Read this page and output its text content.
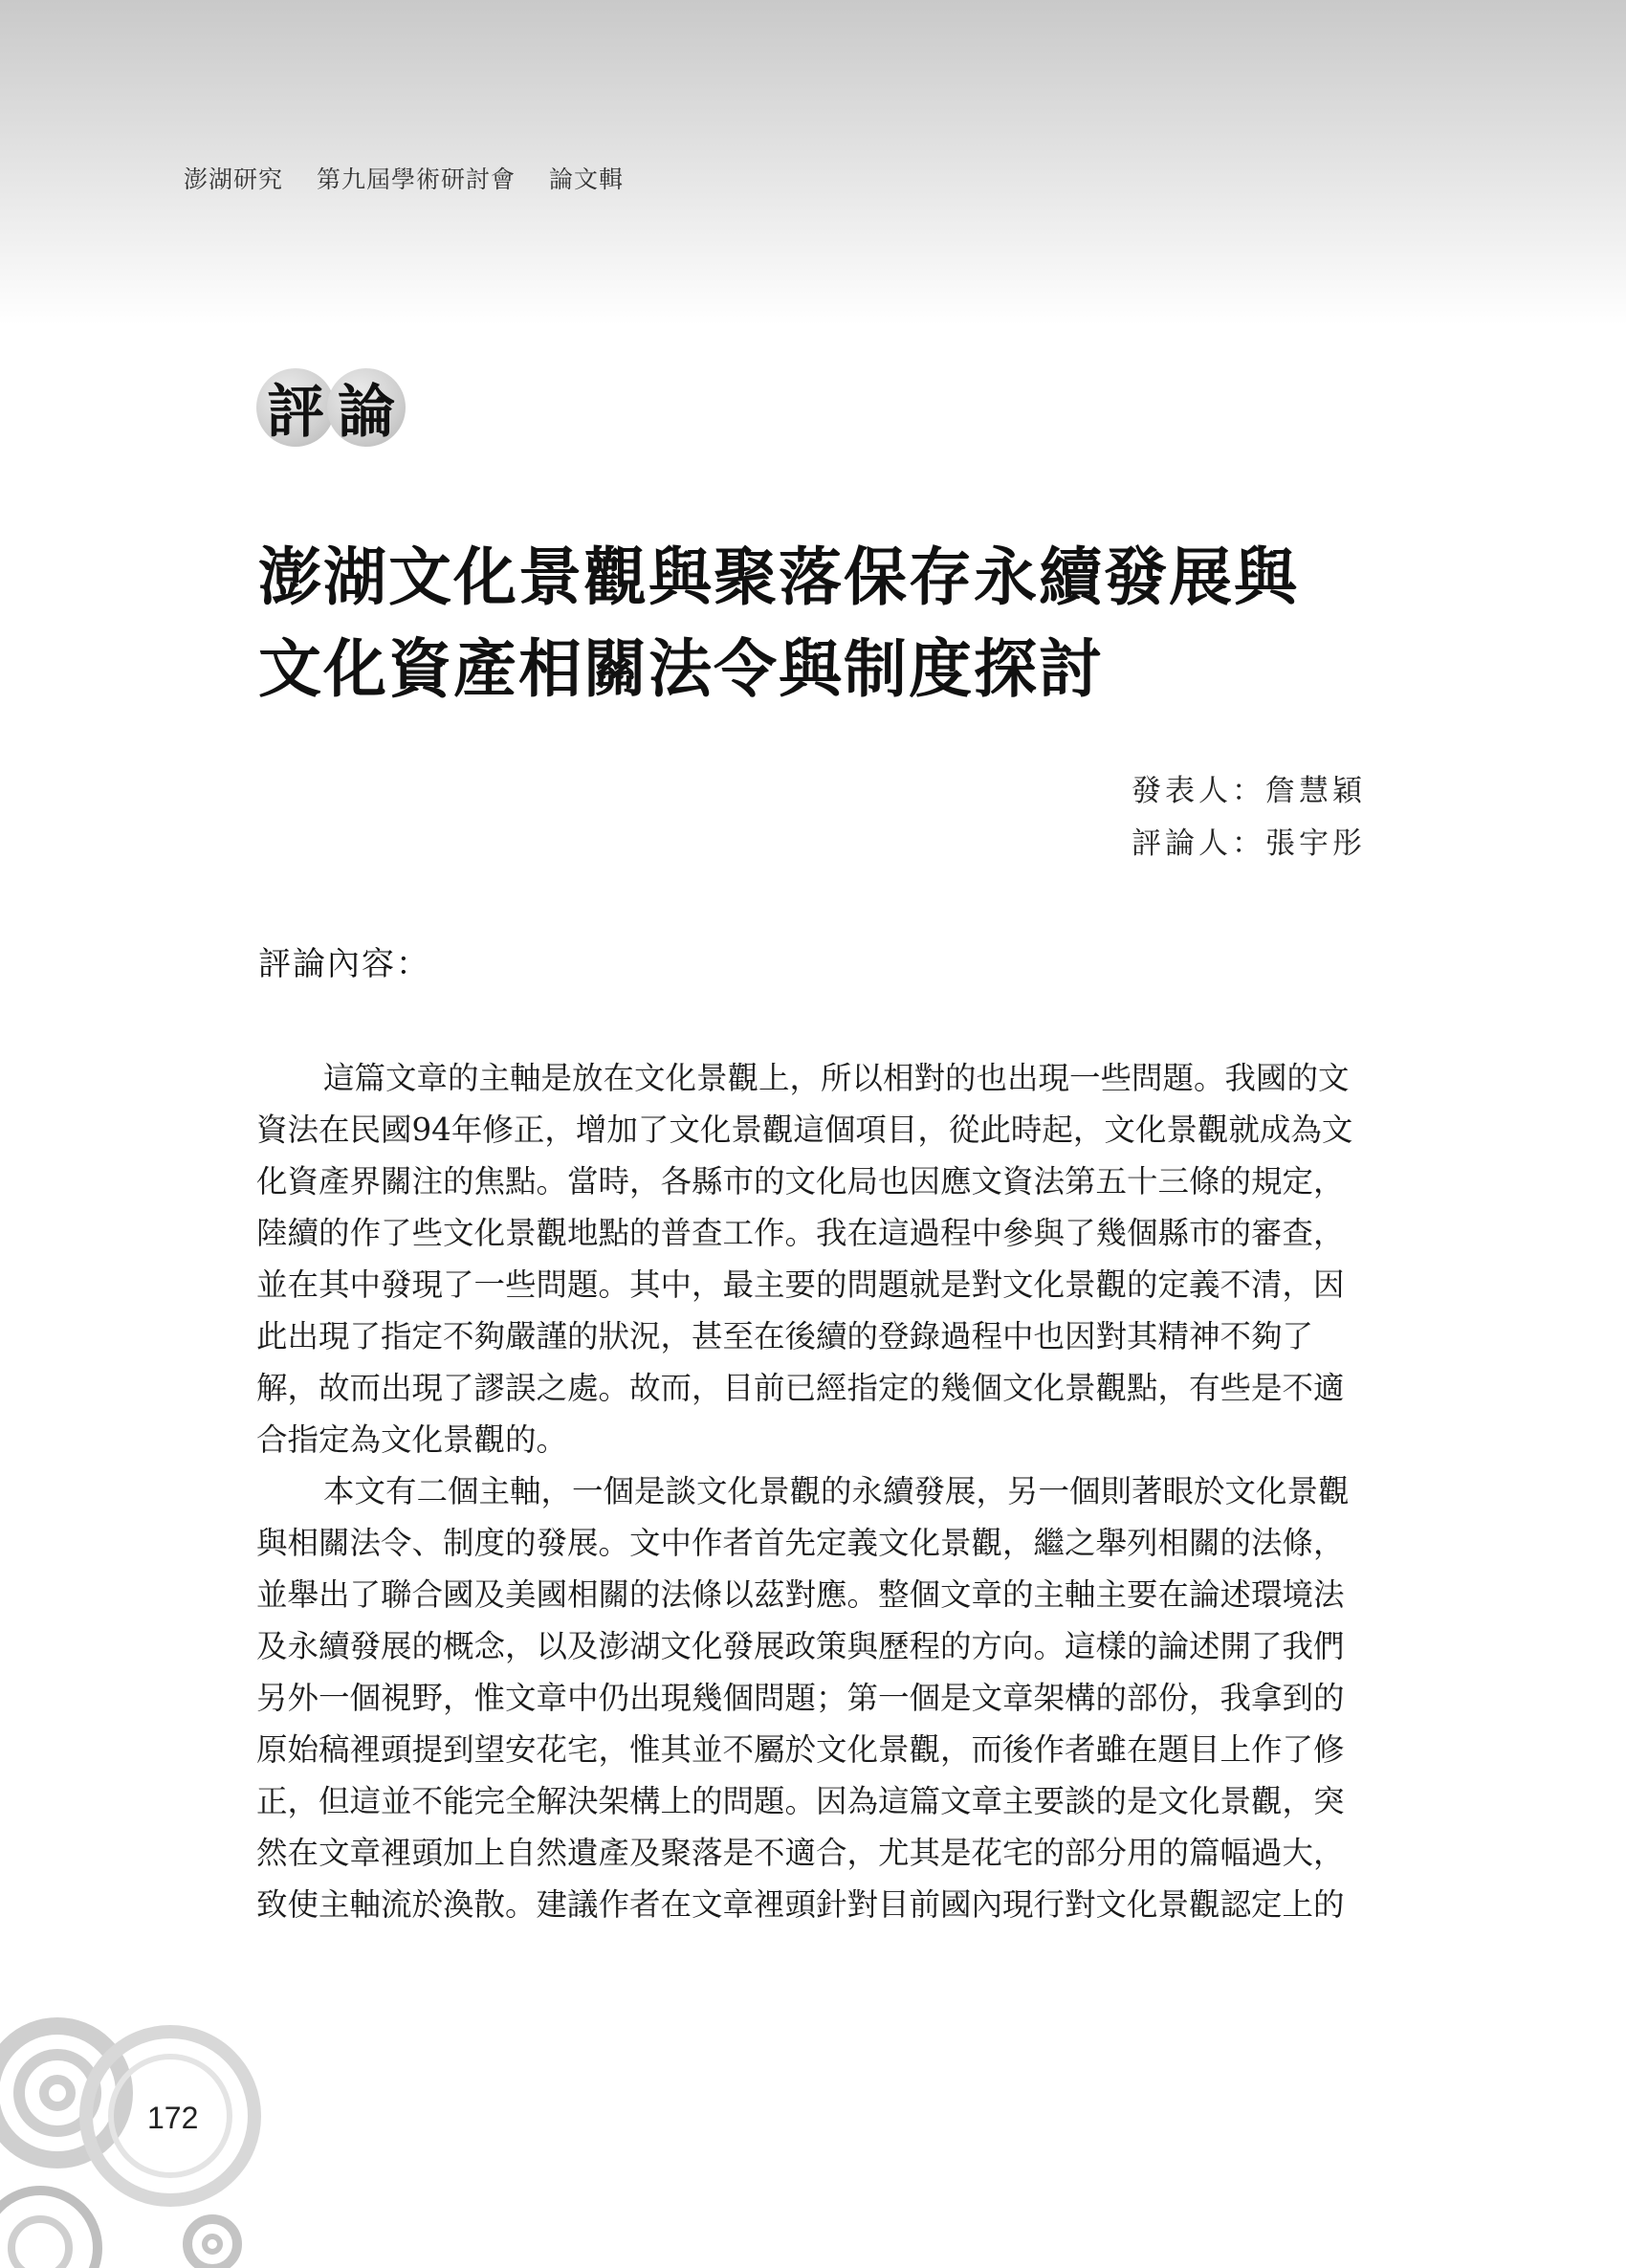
澎湖研究 第九屆學術研討會 論文輯
評 論
澎湖文化景觀與聚落保存永續發展與
文化資產相關法令與制度探討
發表人：詹慧穎
評論人：張宇彤
評論內容：
這篇文章的主軸是放在文化景觀上，所以相對的也出現一些問題。我國的文
資法在民國94年修正，增加了文化景觀這個項目，從此時起，文化景觀就成為文
化資產界關注的焦點。當時，各縣市的文化局也因應文資法第五十三條的規定，
陸續的作了些文化景觀地點的普查工作。我在這過程中參與了幾個縣市的審查，
並在其中發現了一些問題。其中，最主要的問題就是對文化景觀的定義不清，因
此出現了指定不夠嚴謹的狀況，甚至在後續的登錄過程中也因對其精神不夠了
解，故而出現了謬誤之處。故而，目前已經指定的幾個文化景觀點，有些是不適
合指定為文化景觀的。
本文有二個主軸，一個是談文化景觀的永續發展，另一個則著眼於文化景觀
與相關法令、制度的發展。文中作者首先定義文化景觀，繼之舉列相關的法條，
並舉出了聯合國及美國相關的法條以茲對應。整個文章的主軸主要在論述環境法
及永續發展的概念，以及澎湖文化發展政策與歷程的方向。這樣的論述開了我們
另外一個視野，惟文章中仍出現幾個問題；第一個是文章架構的部份，我拿到的
原始稿裡頭提到望安花宅，惟其並不屬於文化景觀，而後作者雖在題目上作了修
正，但這並不能完全解決架構上的問題。因為這篇文章主要談的是文化景觀，突
然在文章裡頭加上自然遺產及聚落是不適合，尤其是花宅的部分用的篇幅過大，
致使主軸流於渙散。建議作者在文章裡頭針對目前國內現行對文化景觀認定上的
172
